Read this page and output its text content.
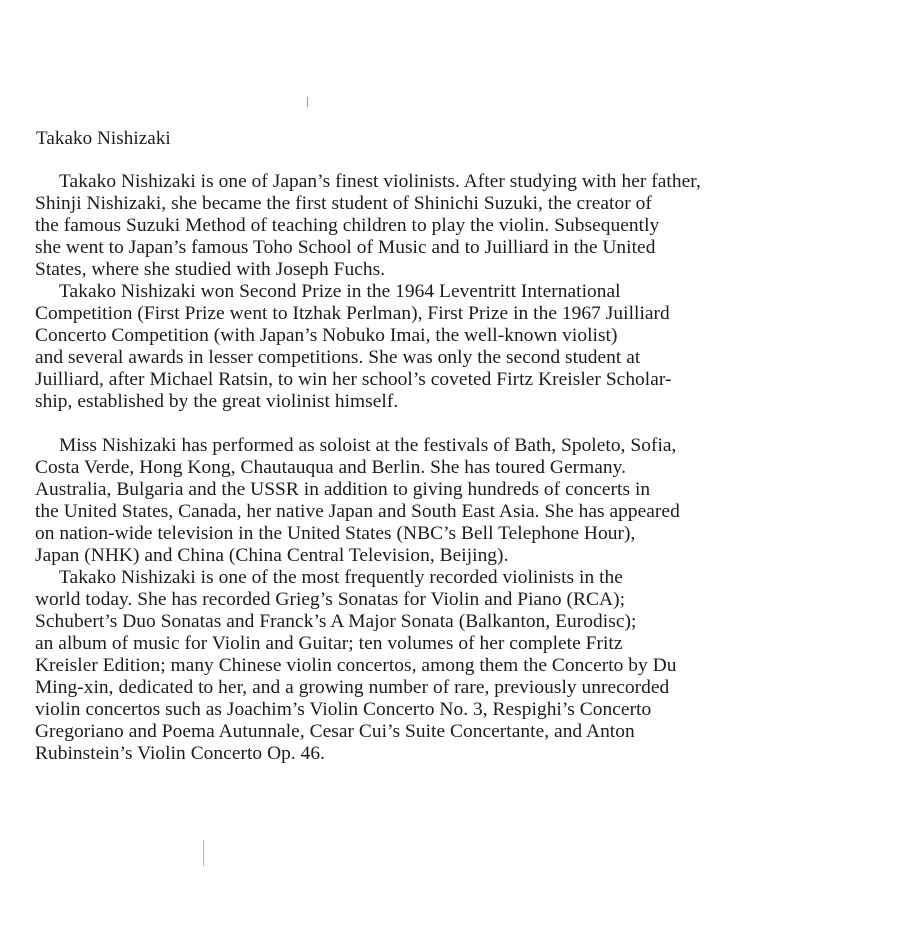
Takako Nishizaki
Takako Nishizaki is one of Japan’s finest violinists. After studying with her father,
Shinji Nishizaki, she became the first student of Shinichi Suzuki, the creator of
the famous Suzuki Method of teaching children to play the violin. Subsequently
she went to Japan’s famous Toho School of Music and to Juilliard in the United
States, where she studied with Joseph Fuchs.
Takako Nishizaki won Second Prize in the 1964 Leventritt International
Competition (First Prize went to Itzhak Perlman), First Prize in the 1967 Juilliard
Concerto Competition (with Japan’s Nobuko Imai, the well-known violist)
and several awards in lesser competitions. She was only the second student at
Juilliard, after Michael Ratsin, to win her school’s coveted Firtz Kreisler Scholar-
ship, established by the great violinist himself.
Miss Nishizaki has performed as soloist at the festivals of Bath, Spoleto, Sofia,
Costa Verde, Hong Kong, Chautauqua and Berlin. She has toured Germany.
Australia, Bulgaria and the USSR in addition to giving hundreds of concerts in
the United States, Canada, her native Japan and South East Asia. She has appeared
on nation-wide television in the United States (NBC’s Bell Telephone Hour),
Japan (NHK) and China (China Central Television, Beijing).
Takako Nishizaki is one of the most frequently recorded violinists in the
world today. She has recorded Grieg’s Sonatas for Violin and Piano (RCA);
Schubert’s Duo Sonatas and Franck’s A Major Sonata (Balkanton, Eurodisc);
an album of music for Violin and Guitar; ten volumes of her complete Fritz
Kreisler Edition; many Chinese violin concertos, among them the Concerto by Du
Ming-xin, dedicated to her, and a growing number of rare, previously unrecorded
violin concertos such as Joachim’s Violin Concerto No. 3, Respighi’s Concerto
Gregoriano and Poema Autunnale, Cesar Cui’s Suite Concertante, and Anton
Rubinstein’s Violin Concerto Op. 46.
